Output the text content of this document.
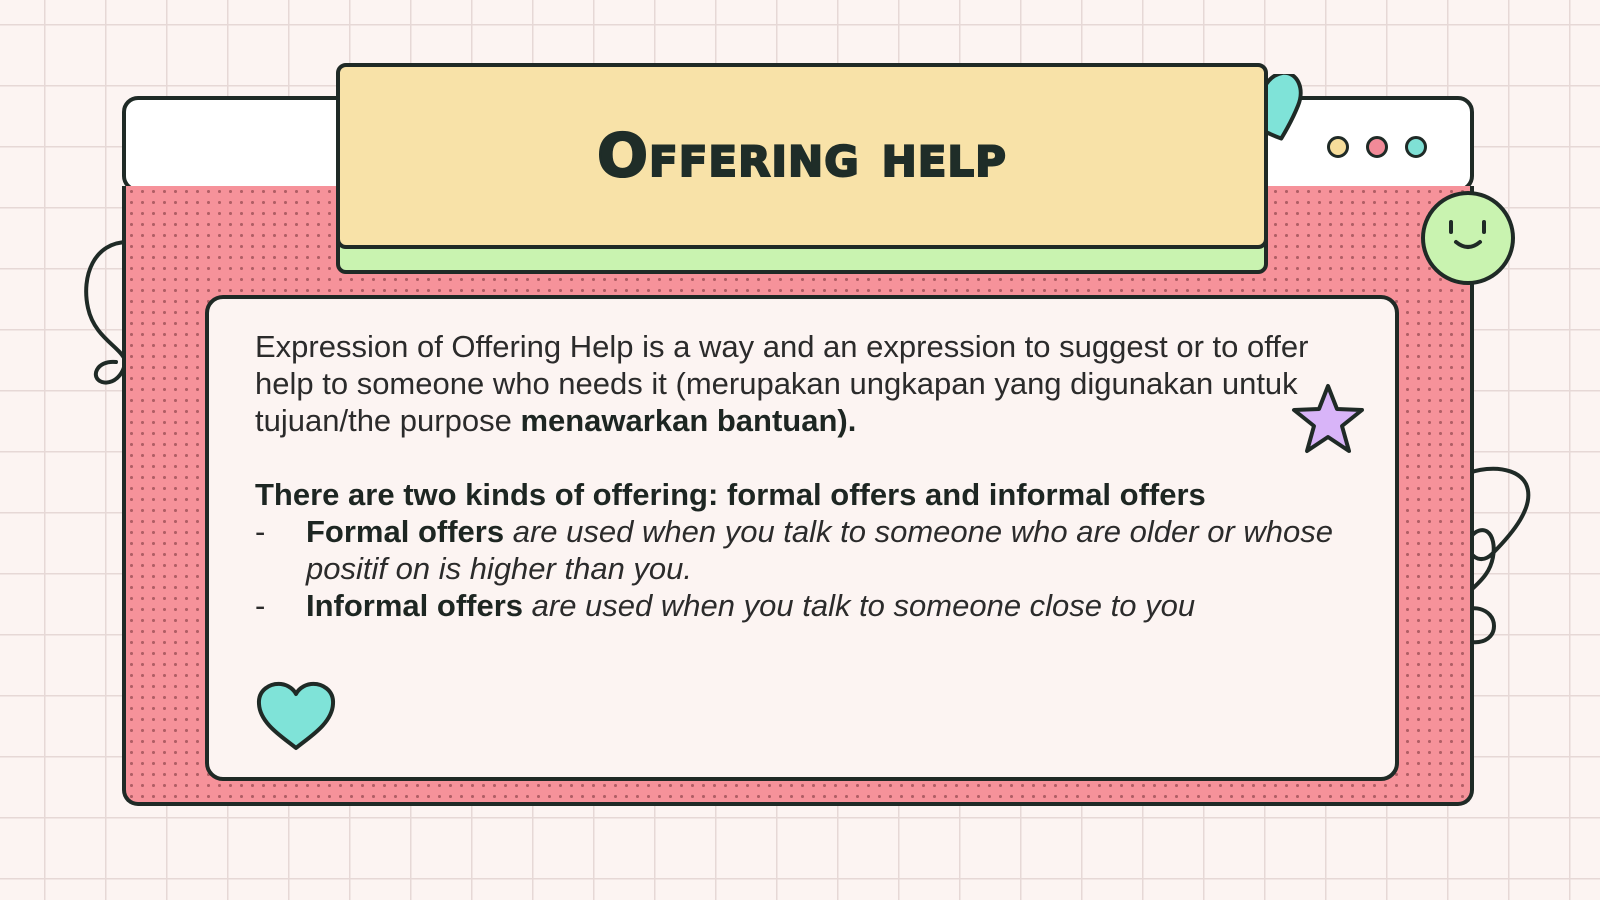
Offering help

Expression of Offering Help is a way and an expression to suggest or to offer help to someone who needs it (merupakan ungkapan yang digunakan untuk tujuan/the purpose menawarkan bantuan).

There are two kinds of offering: formal offers and informal offers

-	Formal offers are used when you talk to someone who are older or whose positif on is higher than you.
-	Informal offers are used when you talk to someone close to you
